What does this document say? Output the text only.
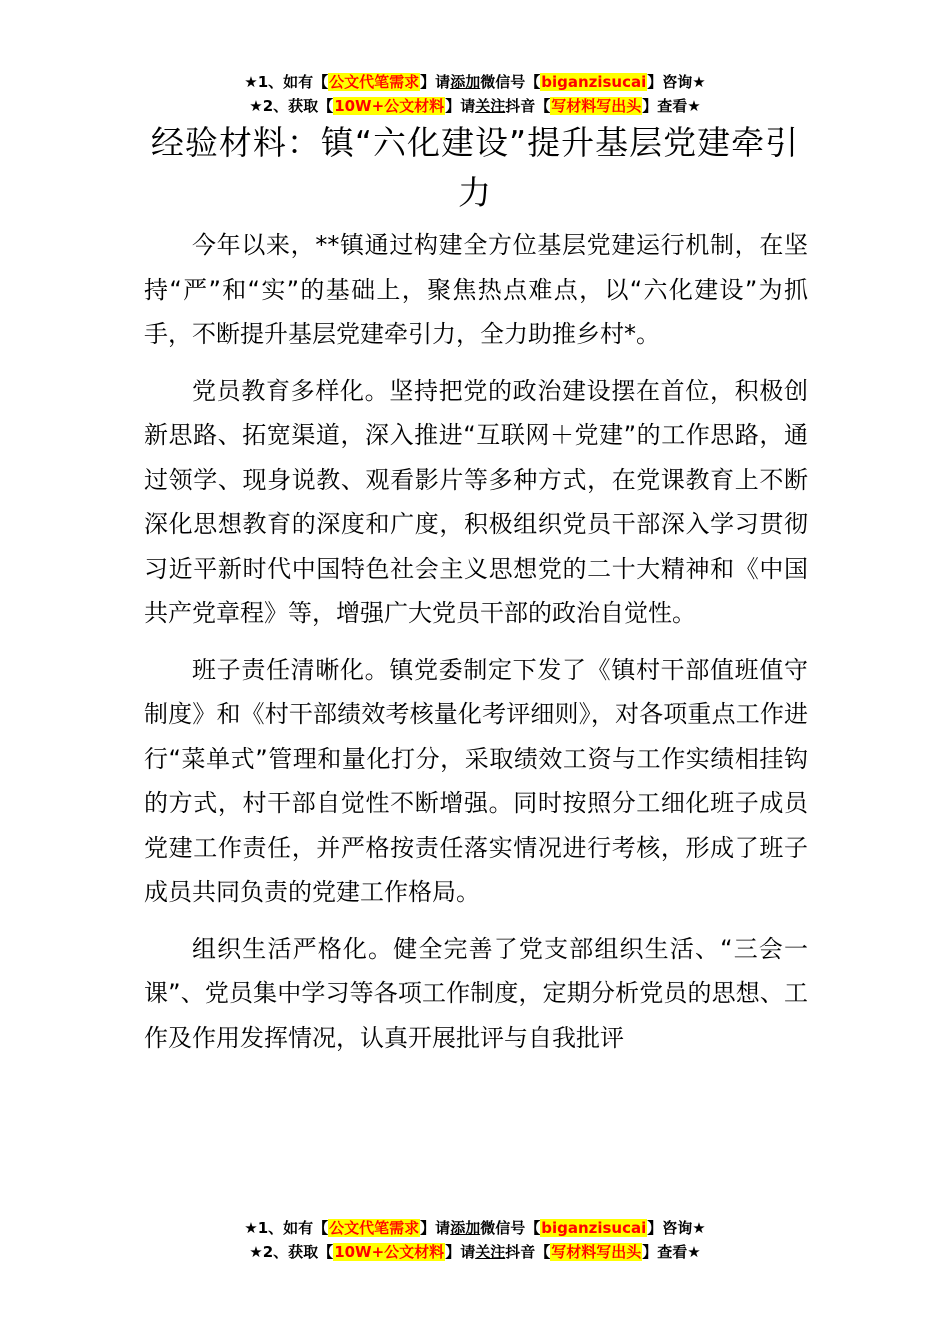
★1、如有【公文代笔需求】请添加微信号【biganzisucai】咨询★
★2、获取【10W+公文材料】请关注抖音【写材料写出头】查看★
经验材料：镇“六化建设”提升基层党建牵引力

今年以来，**镇通过构建全方位基层党建运行机制，在坚持“严”和“实”的基础上，聚焦热点难点，以“六化建设”为抓手，不断提升基层党建牵引力，全力助推乡村*。

党员教育多样化。坚持把党的政治建设摆在首位，积极创新思路、拓宽渠道，深入推进“互联网＋党建”的工作思路，通过领学、现身说教、观看影片等多种方式，在党课教育上不断深化思想教育的深度和广度，积极组织党员干部深入学习贯彻习近平新时代中国特色社会主义思想党的二十大精神和《中国共产党章程》等，增强广大党员干部的政治自觉性。

班子责任清晰化。镇党委制定下发了《镇村干部值班值守制度》和《村干部绩效考核量化考评细则》，对各项重点工作进行“菜单式”管理和量化打分，采取绩效工资与工作实绩相挂钩的方式，村干部自觉性不断增强。同时按照分工细化班子成员党建工作责任，并严格按责任落实情况进行考核，形成了班子成员共同负责的党建工作格局。

组织生活严格化。健全完善了党支部组织生活、“三会一课”、党员集中学习等各项工作制度，定期分析党员的思想、工作及作用发挥情况，认真开展批评与自我批评

★1、如有【公文代笔需求】请添加微信号【biganzisucai】咨询★
★2、获取【10W+公文材料】请关注抖音【写材料写出头】查看★
